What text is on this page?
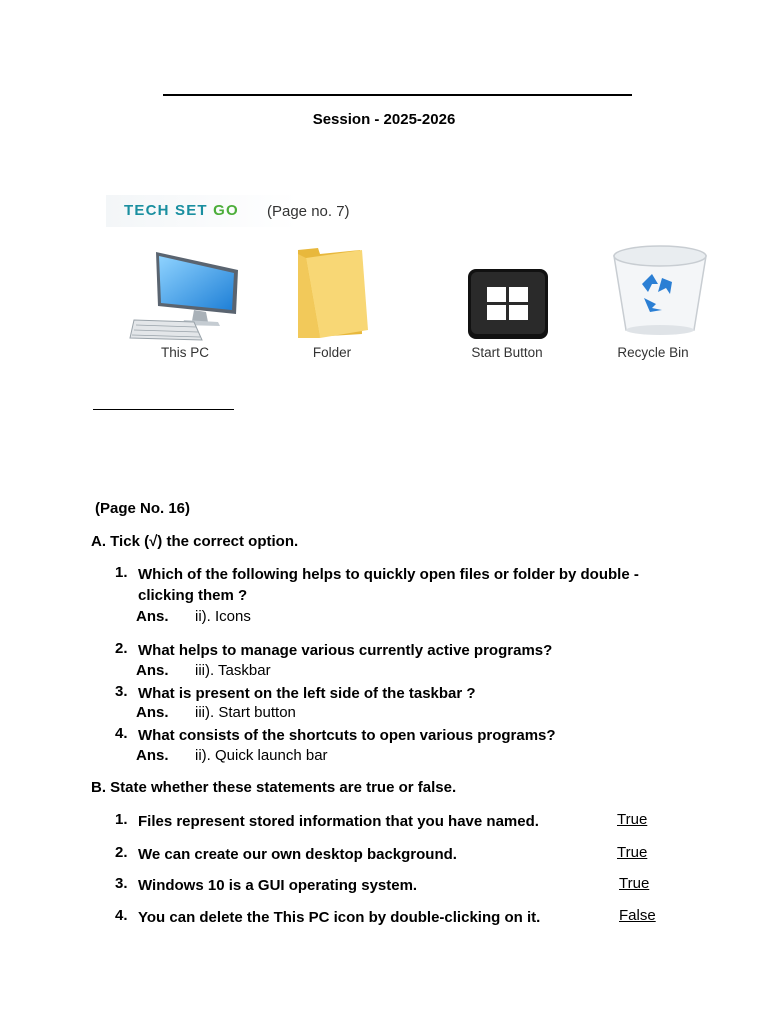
Session - 2025-2026
TECH SET GO (Page no. 7)
This PC	Folder	Start Button	Recycle Bin
(Page No. 16)
A. Tick (√) the correct option.
1. Which of the following helps to quickly open files or folder by double - clicking them ?
Ans. ii). Icons
2. What helps to manage various currently active programs?
Ans. iii). Taskbar
3. What is present on the left side of the taskbar ?
Ans. iii). Start button
4. What consists of the shortcuts to open various programs?
Ans. ii). Quick launch bar
B. State whether these statements are true or false.
1. Files represent stored information that you have named.	True
2. We can create our own desktop background.	True
3. Windows 10 is a GUI operating system.	True
4. You can delete the This PC icon by double-clicking on it.	False
